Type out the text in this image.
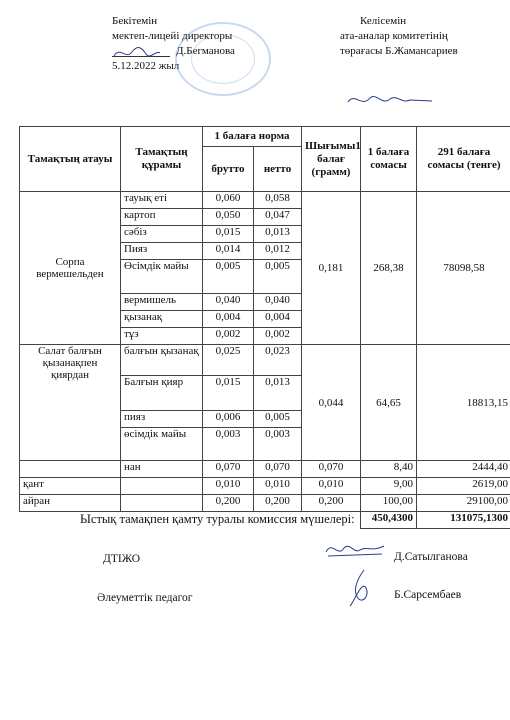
Бекітемін
мектеп-лицейі директоры
Д.Бегманова
5.12.2022 жыл
Келісемін
ата-аналар комитетінің
төрағасы Б.Жамансариев
Тамақтың атауы	Тамақтың құрамы	1 балаға норма		Шығымы1 балағ (грамм)	1 балаға сомасы	291 балаға сомасы (тенге)
		брутто	нетто			
Сорпа вермешельден	тауық еті	0,060	0,058	0,181	268,38	78098,58
	картоп	0,050	0,047			
	сәбіз	0,015	0,013			
	Пияз	0,014	0,012			
	Өсімдік майы	0,005	0,005			
	вермишель	0,040	0,040			
	қызанақ	0,004	0,004			
	тұз	0,002	0,002			
Салат балғын қызанақпен қиярдан	балғын қызанақ	0,025	0,023	0,044	64,65	18813,15
	Балғын қияр	0,015	0,013			
	пияз	0,006	0,005			
	өсімдік майы	0,003	0,003			
	нан	0,070	0,070	0,070	8,40	2444,40
қант		0,010	0,010	0,010	9,00	2619,00
айран		0,200	0,200	0,200	100,00	29100,00
					450,4300	131075,1300
Ыстық тамақпен қамту туралы комиссия мүшелері:
ДТІЖО	Д.Сатылганова
Әлеуметтік педагог	Б.Сарсембаев
